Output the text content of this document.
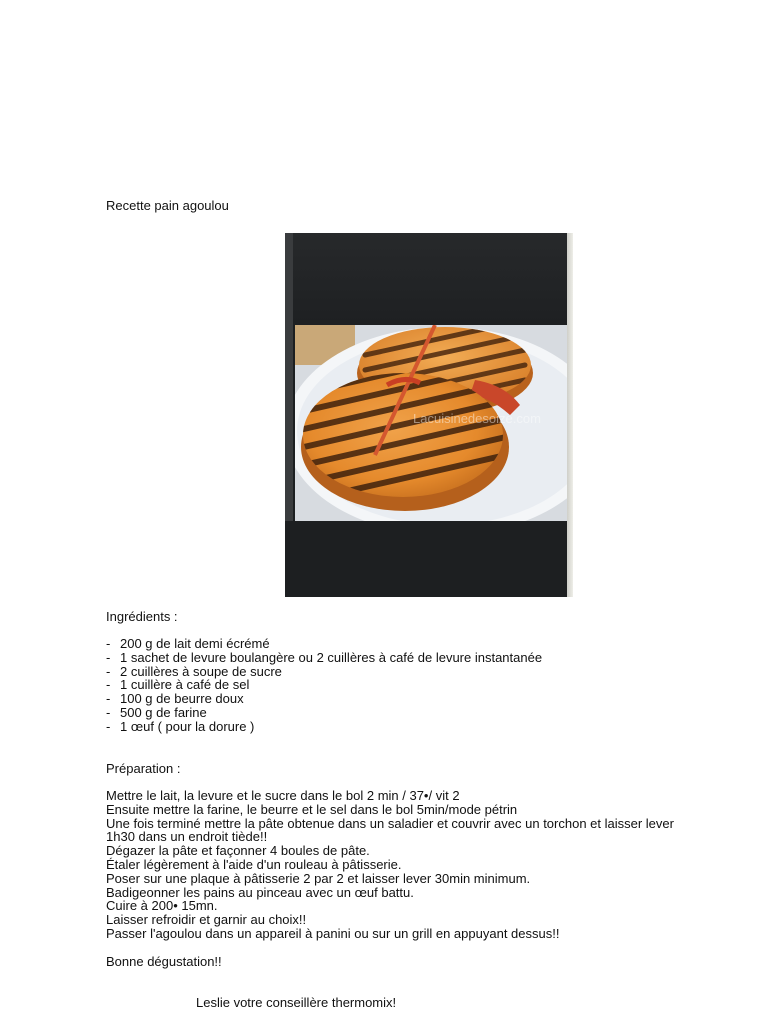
Recette pain agoulou
Lacuisinedesoize.com

Ingrédients :

- 200 g de lait demi écrémé
- 1 sachet de levure boulangère ou 2 cuillères à café de levure instantanée
- 2 cuillères à soupe de sucre
- 1 cuillère à café de sel
- 100 g de beurre doux
- 500 g de farine
- 1 œuf ( pour la dorure )

Préparation :

Mettre le lait, la levure et le sucre dans le bol 2 min / 37•/ vit 2
Ensuite mettre la farine, le beurre et le sel dans le bol 5min/mode pétrin
Une fois terminé mettre la pâte obtenue dans un saladier et couvrir avec un torchon et laisser lever 1h30 dans un endroit tiède!!
Dégazer la pâte et façonner 4 boules de pâte.
Étaler légèrement à l'aide d'un rouleau à pâtisserie.
Poser sur une plaque à pâtisserie 2 par 2 et laisser lever 30min minimum.
Badigeonner les pains au pinceau avec un œuf battu.
Cuire à 200• 15mn.
Laisser refroidir et garnir au choix!!
Passer l'agoulou dans un appareil à panini ou sur un grill en appuyant dessus!!

Bonne dégustation!!

Leslie votre conseillère thermomix!
